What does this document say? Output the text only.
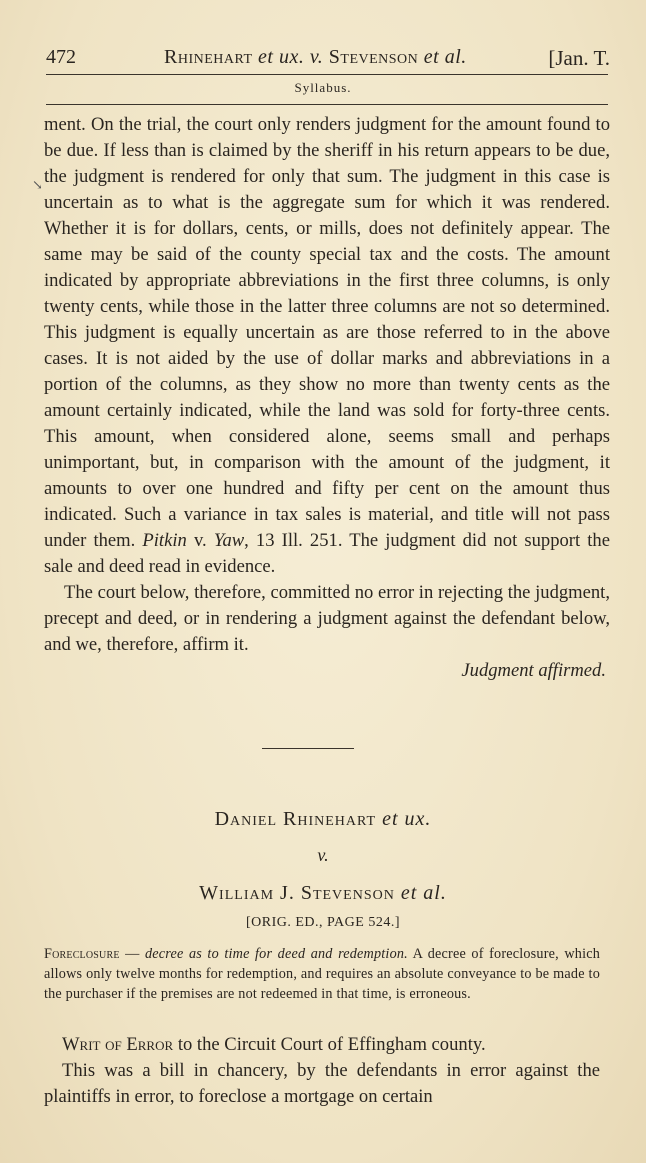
472	Rhinehart et ux. v. Stevenson et al.	[Jan. T.
Syllabus.
↘

ment. On the trial, the court only renders judgment for the amount found to be due. If less than is claimed by the sheriff in his return appears to be due, the judgment is rendered for only that sum. The judgment in this case is uncertain as to what is the aggregate sum for which it was rendered. Whether it is for dollars, cents, or mills, does not definitely appear. The same may be said of the county special tax and the costs. The amount indicated by appropriate abbreviations in the first three columns, is only twenty cents, while those in the latter three columns are not so determined. This judgment is equally uncertain as are those referred to in the above cases. It is not aided by the use of dollar marks and abbreviations in a portion of the columns, as they show no more than twenty cents as the amount certainly indicated, while the land was sold for forty-three cents. This amount, when considered alone, seems small and perhaps unimportant, but, in comparison with the amount of the judgment, it amounts to over one hundred and fifty per cent on the amount thus indicated. Such a variance in tax sales is material, and title will not pass under them. Pitkin v. Yaw, 13 Ill. 251. The judgment did not support the sale and deed read in evidence.

The court below, therefore, committed no error in rejecting the judgment, precept and deed, or in rendering a judgment against the defendant below, and we, therefore, affirm it.

Judgment affirmed.

Daniel Rhinehart et ux.
v.
William J. Stevenson et al.
[ORIG. ED., PAGE 524.]
Foreclosure — decree as to time for deed and redemption. A decree of foreclosure, which allows only twelve months for redemption, and requires an absolute conveyance to be made to the purchaser if the premises are not redeemed in that time, is erroneous.

Writ of Error to the Circuit Court of Effingham county.

This was a bill in chancery, by the defendants in error against the plaintiffs in error, to foreclose a mortgage on certain
